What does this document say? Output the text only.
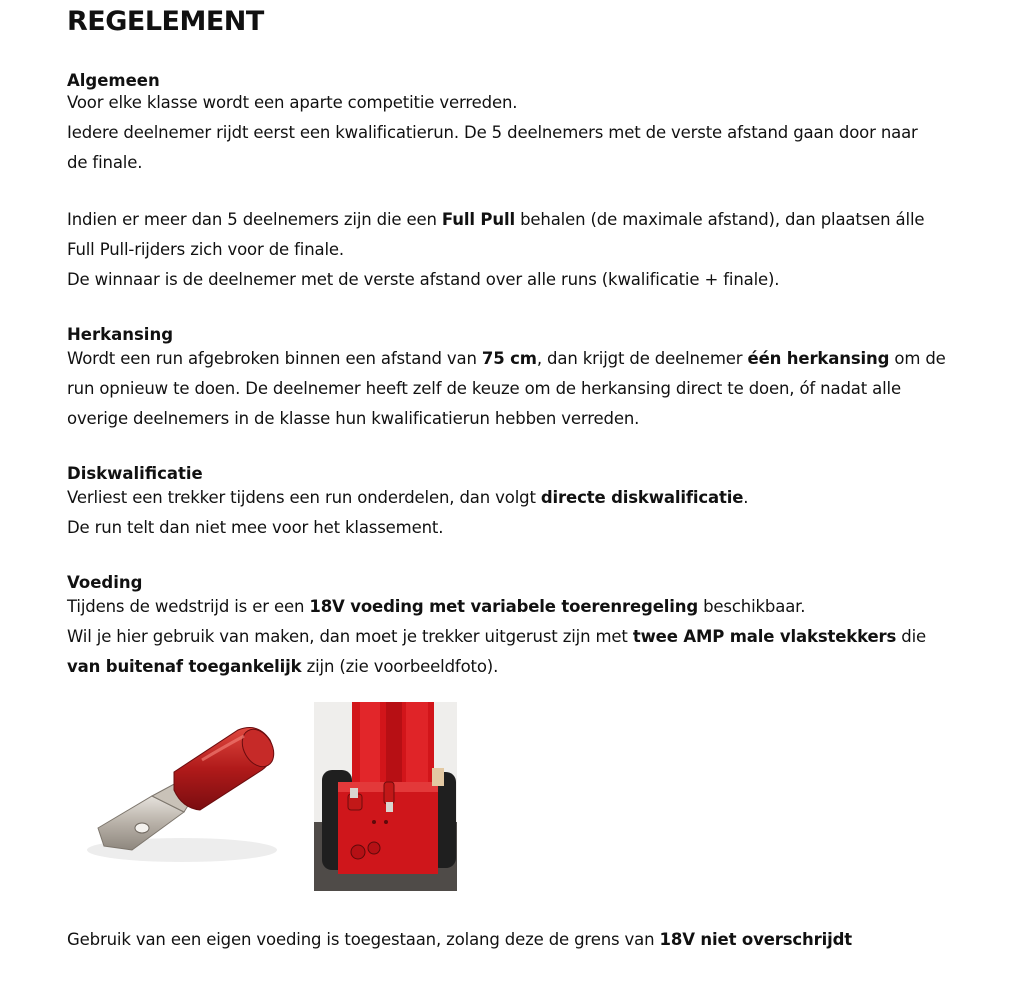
REGELEMENT
Algemeen
Voor elke klasse wordt een aparte competitie verreden.
Iedere deelnemer rijdt eerst een kwalificatierun. De 5 deelnemers met de verste afstand gaan door naar
de finale.
Indien er meer dan 5 deelnemers zijn die een Full Pull behalen (de maximale afstand), dan plaatsen álle
Full Pull-rijders zich voor de finale.
De winnaar is de deelnemer met de verste afstand over alle runs (kwalificatie + finale).
Herkansing
Wordt een run afgebroken binnen een afstand van 75 cm, dan krijgt de deelnemer één herkansing om de
run opnieuw te doen. De deelnemer heeft zelf de keuze om de herkansing direct te doen, óf nadat alle
overige deelnemers in de klasse hun kwalificatierun hebben verreden.
Diskwalificatie
Verliest een trekker tijdens een run onderdelen, dan volgt directe diskwalificatie.
De run telt dan niet mee voor het klassement.
Voeding
Tijdens de wedstrijd is er een 18V voeding met variabele toerenregeling beschikbaar.
Wil je hier gebruik van maken, dan moet je trekker uitgerust zijn met twee AMP male vlakstekkers die
van buitenaf toegankelijk zijn (zie voorbeeldfoto).
Gebruik van een eigen voeding is toegestaan, zolang deze de grens van 18V niet overschrijdt
